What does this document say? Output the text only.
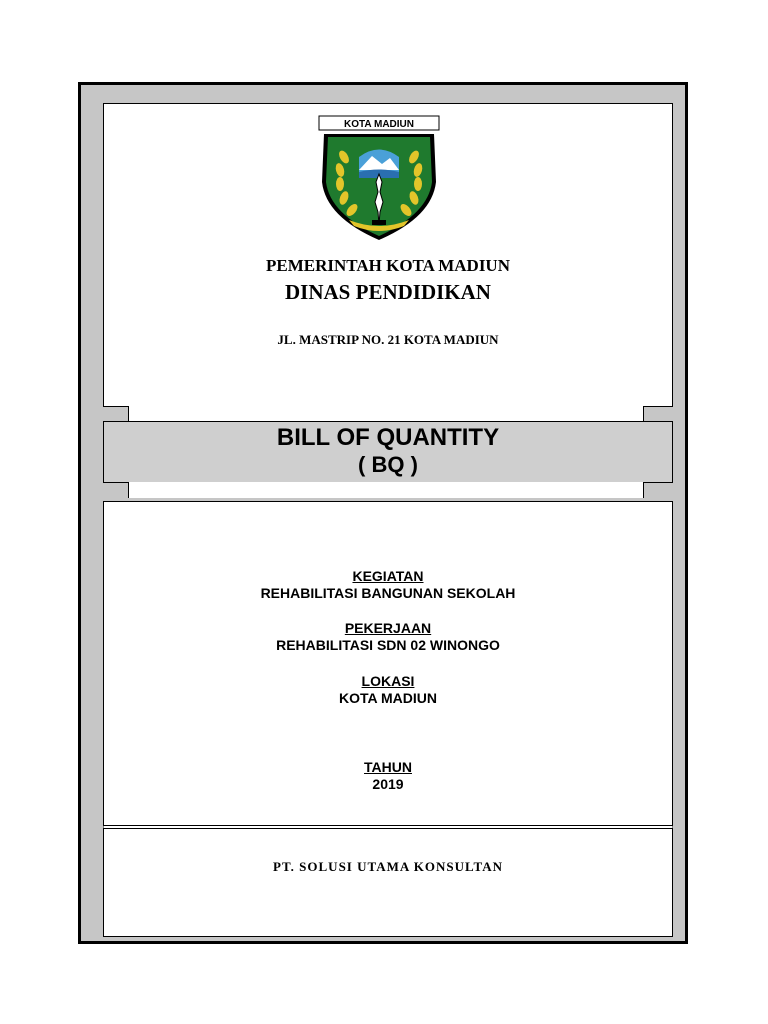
KOTA MADIUN
PEMERINTAH KOTA MADIUN
DINAS PENDIDIKAN
JL. MASTRIP NO. 21 KOTA MADIUN
BILL OF QUANTITY
( BQ )
KEGIATAN
REHABILITASI BANGUNAN SEKOLAH
PEKERJAAN
REHABILITASI SDN 02 WINONGO
LOKASI
KOTA MADIUN
TAHUN
2019
PT. SOLUSI UTAMA KONSULTAN
